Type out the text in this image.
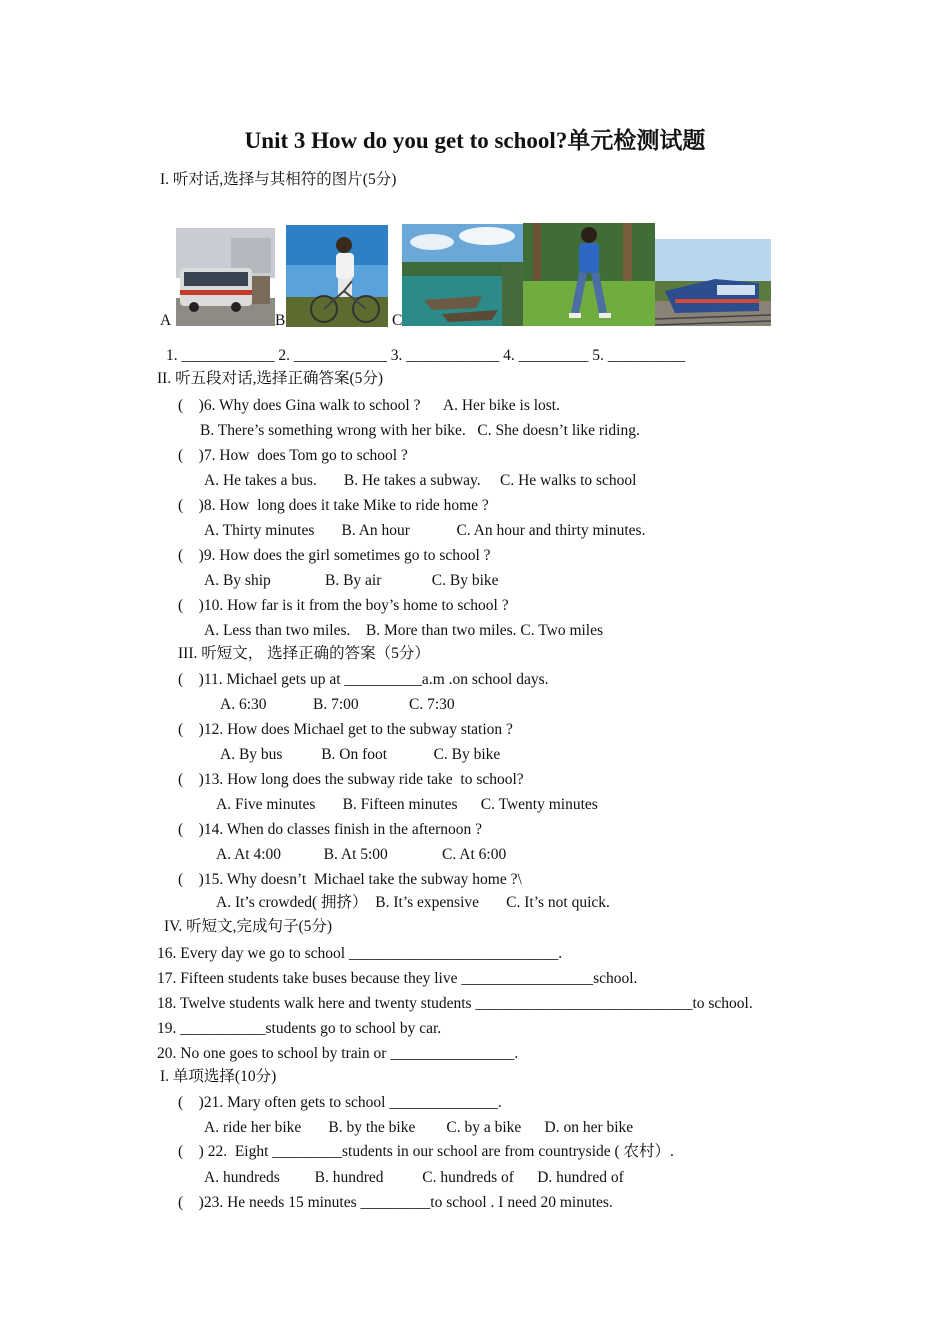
Unit 3 How do you get to school?单元检测试题
I. 听对话,选择与其相符的图片(5分)
A	B	C
1. ____________ 2. ____________ 3. ____________ 4. _________ 5. __________
II. 听五段对话,选择正确答案(5分)
(    )6. Why does Gina walk to school ?      A. Her bike is lost.
B. There’s something wrong with her bike.   C. She doesn’t like riding.
(    )7. How  does Tom go to school ?
A. He takes a bus.       B. He takes a subway.     C. He walks to school
(    )8. How  long does it take Mike to ride home ?
A. Thirty minutes       B. An hour            C. An hour and thirty minutes.
(    )9. How does the girl sometimes go to school ?
A. By ship              B. By air             C. By bike
(    )10. How far is it from the boy’s home to school ?
A. Less than two miles.    B. More than two miles. C. Two miles
III. 听短文， 选择正确的答案（5分）
(    )11. Michael gets up at __________a.m .on school days.
A. 6:30            B. 7:00             C. 7:30
(    )12. How does Michael get to the subway station ?
A. By bus          B. On foot            C. By bike
(    )13. How long does the subway ride take  to school?
A. Five minutes       B. Fifteen minutes      C. Twenty minutes
(    )14. When do classes finish in the afternoon ?
A. At 4:00           B. At 5:00              C. At 6:00
(    )15. Why doesn’t  Michael take the subway home ?\
A. It’s crowded( 拥挤）  B. It’s expensive       C. It’s not quick.
IV. 听短文,完成句子(5分)
16. Every day we go to school ___________________________.
17. Fifteen students take buses because they live _________________school.
18. Twelve students walk here and twenty students ____________________________to school.
19. ___________students go to school by car.
20. No one goes to school by train or ________________.
I. 单项选择(10分)
(    )21. Mary often gets to school ______________.
A. ride her bike       B. by the bike        C. by a bike      D. on her bike
(    ) 22.  Eight _________students in our school are from countryside ( 农村）.
A. hundreds         B. hundred          C. hundreds of      D. hundred of
(    )23. He needs 15 minutes _________to school . I need 20 minutes.
